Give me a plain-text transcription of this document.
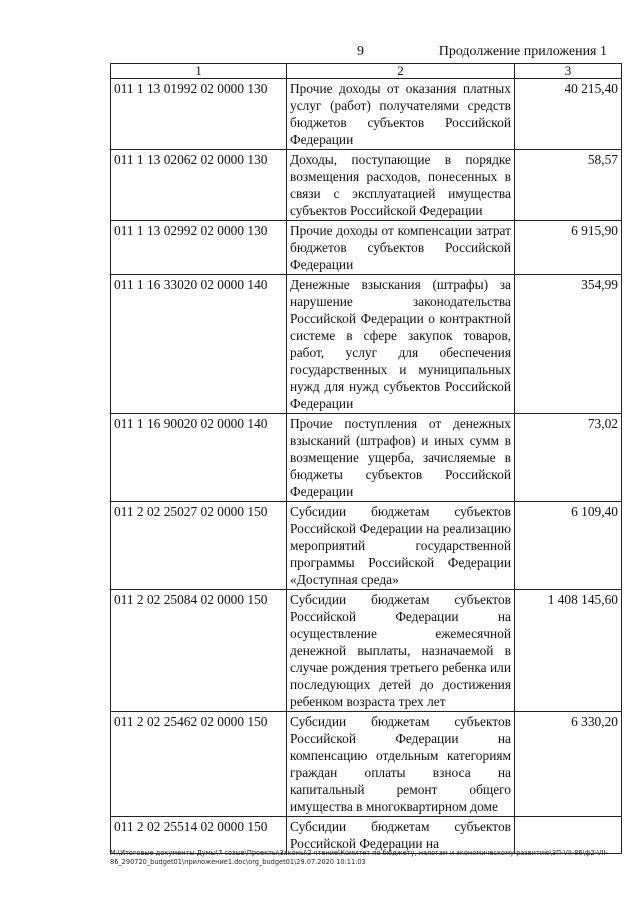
9	Продолжение приложения 1
1	2	3
011 1 13 01992 02 0000 130	Прочие доходы от оказания платных услуг (работ) получателями средств бюджетов субъектов Российской Федерации	40 215,40
011 1 13 02062 02 0000 130	Доходы, поступающие в порядке возмещения расходов, понесенных в связи с эксплуатацией имущества субъектов Российской Федерации	58,57
011 1 13 02992 02 0000 130	Прочие доходы от компенсации затрат бюджетов субъектов Российской Федерации	6 915,90
011 1 16 33020 02 0000 140	Денежные взыскания (штрафы) за нарушение законодательства Российской Федерации о контрактной системе в сфере закупок товаров, работ, услуг для обеспечения государственных и муниципальных нужд для нужд субъектов Российской Федерации	354,99
011 1 16 90020 02 0000 140	Прочие поступления от денежных взысканий (штрафов) и иных сумм в возмещение ущерба, зачисляемые в бюджеты субъектов Российской Федерации	73,02
011 2 02 25027 02 0000 150	Субсидии бюджетам субъектов Российской Федерации на реализацию мероприятий государственной программы Российской Федерации «Доступная среда»	6 109,40
011 2 02 25084 02 0000 150	Субсидии бюджетам субъектов Российской Федерации на осуществление ежемесячной денежной выплаты, назначаемой в случае рождения третьего ребенка или последующих детей до достижения ребенком возраста трех лет	1 408 145,60
011 2 02 25462 02 0000 150	Субсидии бюджетам субъектов Российской Федерации на компенсацию отдельным категориям граждан оплаты взноса на капитальный ремонт общего имущества в многоквартирном доме	6 330,20
011 2 02 25514 02 0000 150	Субсидии бюджетам субъектов Российской Федерации на	
М:\Итоговые документы Думы\7 созыв\Проекты\Законы\2 чтение\Комитет по бюджету, налогам и экономическому развитию\ЗП-VII-86\ф2-VII-86_290720_budget01\приложение1.doc\org_budget01\29.07.2020 10:11:03
